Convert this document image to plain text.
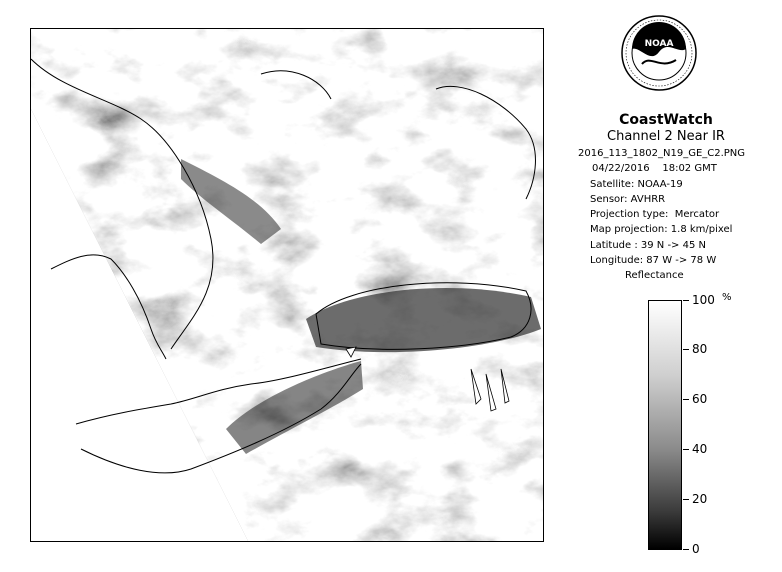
NOAA
CoastWatch
Channel 2 Near IR
2016_113_1802_N19_GE_C2.PNG
04/22/2016    18:02 GMT
Satellite: NOAA-19
Sensor: AVHRR
Projection type:  Mercator
Map projection: 1.8 km/pixel
Latitude : 39 N -> 45 N
Longitude: 87 W -> 78 W
Reflectance
%
100
80
60
40
20
0
